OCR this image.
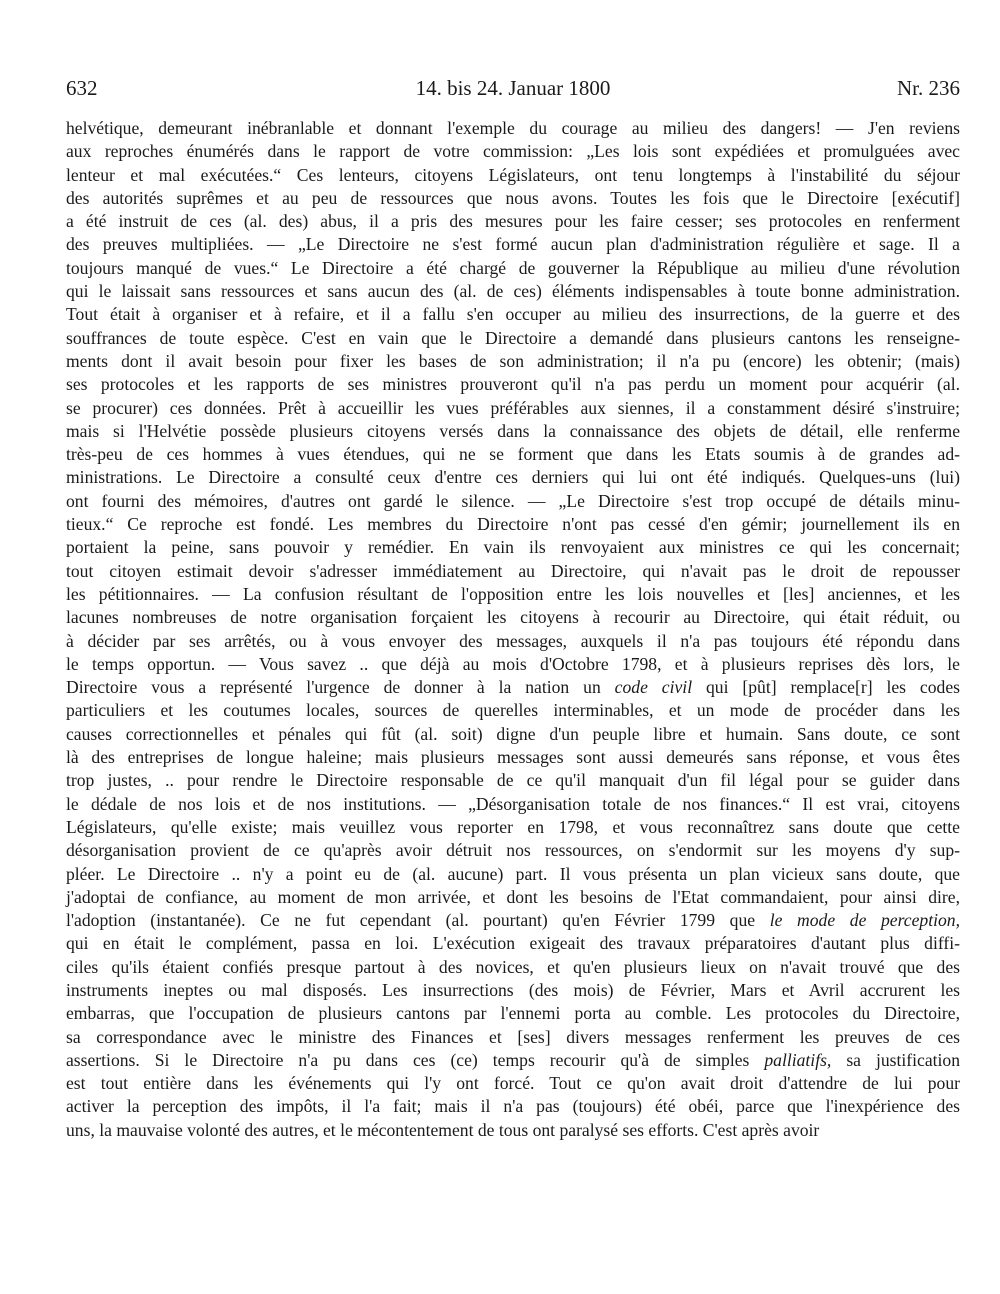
632	14. bis 24. Januar 1800	Nr. 236
helvétique, demeurant inébranlable et donnant l'exemple du courage au milieu des dangers! — J'en reviens
aux reproches énumérés dans le rapport de votre commission: „Les lois sont expédiées et promulguées avec
lenteur et mal exécutées.“ Ces lenteurs, citoyens Législateurs, ont tenu longtemps à l'instabilité du séjour
des autorités suprêmes et au peu de ressources que nous avons. Toutes les fois que le Directoire [exécutif]
a été instruit de ces (al. des) abus, il a pris des mesures pour les faire cesser; ses protocoles en renferment
des preuves multipliées. — „Le Directoire ne s'est formé aucun plan d'administration régulière et sage. Il a
toujours manqué de vues.“ Le Directoire a été chargé de gouverner la République au milieu d'une révolution
qui le laissait sans ressources et sans aucun des (al. de ces) éléments indispensables à toute bonne administration.
Tout était à organiser et à refaire, et il a fallu s'en occuper au milieu des insurrections, de la guerre et des
souffrances de toute espèce. C'est en vain que le Directoire a demandé dans plusieurs cantons les renseigne-
ments dont il avait besoin pour fixer les bases de son administration; il n'a pu (encore) les obtenir; (mais)
ses protocoles et les rapports de ses ministres prouveront qu'il n'a pas perdu un moment pour acquérir (al.
se procurer) ces données. Prêt à accueillir les vues préférables aux siennes, il a constamment désiré s'instruire;
mais si l'Helvétie possède plusieurs citoyens versés dans la connaissance des objets de détail, elle renferme
très-peu de ces hommes à vues étendues, qui ne se forment que dans les Etats soumis à de grandes ad-
ministrations. Le Directoire a consulté ceux d'entre ces derniers qui lui ont été indiqués. Quelques-uns (lui)
ont fourni des mémoires, d'autres ont gardé le silence. — „Le Directoire s'est trop occupé de détails minu-
tieux.“ Ce reproche est fondé. Les membres du Directoire n'ont pas cessé d'en gémir; journellement ils en
portaient la peine, sans pouvoir y remédier. En vain ils renvoyaient aux ministres ce qui les concernait;
tout citoyen estimait devoir s'adresser immédiatement au Directoire, qui n'avait pas le droit de repousser
les pétitionnaires. — La confusion résultant de l'opposition entre les lois nouvelles et [les] anciennes, et les
lacunes nombreuses de notre organisation forçaient les citoyens à recourir au Directoire, qui était réduit, ou
à décider par ses arrêtés, ou à vous envoyer des messages, auxquels il n'a pas toujours été répondu dans
le temps opportun. — Vous savez .. que déjà au mois d'Octobre 1798, et à plusieurs reprises dès lors, le
Directoire vous a représenté l'urgence de donner à la nation un code civil qui [pût] remplace[r] les codes
particuliers et les coutumes locales, sources de querelles interminables, et un mode de procéder dans les
causes correctionnelles et pénales qui fût (al. soit) digne d'un peuple libre et humain. Sans doute, ce sont
là des entreprises de longue haleine; mais plusieurs messages sont aussi demeurés sans réponse, et vous êtes
trop justes, .. pour rendre le Directoire responsable de ce qu'il manquait d'un fil légal pour se guider dans
le dédale de nos lois et de nos institutions. — „Désorganisation totale de nos finances.“ Il est vrai, citoyens
Législateurs, qu'elle existe; mais veuillez vous reporter en 1798, et vous reconnaîtrez sans doute que cette
désorganisation provient de ce qu'après avoir détruit nos ressources, on s'endormit sur les moyens d'y sup-
pléer. Le Directoire .. n'y a point eu de (al. aucune) part. Il vous présenta un plan vicieux sans doute, que
j'adoptai de confiance, au moment de mon arrivée, et dont les besoins de l'Etat commandaient, pour ainsi dire,
l'adoption (instantanée). Ce ne fut cependant (al. pourtant) qu'en Février 1799 que le mode de perception,
qui en était le complément, passa en loi. L'exécution exigeait des travaux préparatoires d'autant plus diffi-
ciles qu'ils étaient confiés presque partout à des novices, et qu'en plusieurs lieux on n'avait trouvé que des
instruments ineptes ou mal disposés. Les insurrections (des mois) de Février, Mars et Avril accrurent les
embarras, que l'occupation de plusieurs cantons par l'ennemi porta au comble. Les protocoles du Directoire,
sa correspondance avec le ministre des Finances et [ses] divers messages renferment les preuves de ces
assertions. Si le Directoire n'a pu dans ces (ce) temps recourir qu'à de simples palliatifs, sa justification
est tout entière dans les événements qui l'y ont forcé. Tout ce qu'on avait droit d'attendre de lui pour
activer la perception des impôts, il l'a fait; mais il n'a pas (toujours) été obéi, parce que l'inexpérience des
uns, la mauvaise volonté des autres, et le mécontentement de tous ont paralysé ses efforts. C'est après avoir
